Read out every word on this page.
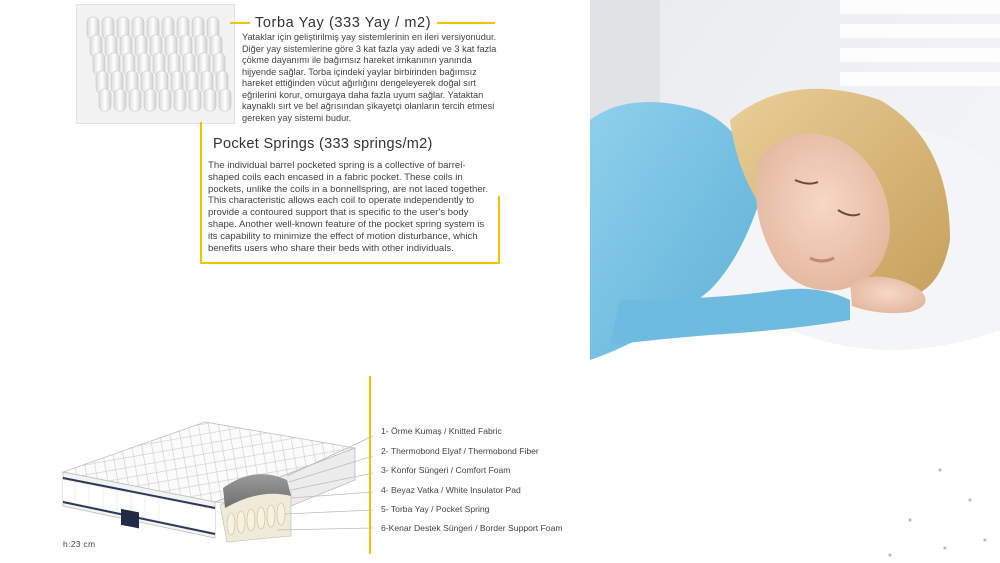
Torba Yay (333 Yay / m2)
Yataklar için geliştirilmiş yay sistemlerinin en ileri versiyonudur. Diğer yay sistemlerine göre 3 kat fazla yay adedi ve 3 kat fazla çökme dayanımı ile bağımsız hareket imkanının yanında hijyende sağlar. Torba içindeki yaylar birbirinden bağımsız hareket ettiğinden vücut ağırlığını dengeleyerek doğal sırt eğrilerini korur, omurgaya daha fazla uyum sağlar. Yataktan kaynaklı sırt ve bel ağrısından şikayetçi olanların tercih etmesi gereken yay sistemi budur.
Pocket Springs (333 springs/m2)
The individual barrel pocketed spring is a collective of barrel-shaped coils each encased in a fabric pocket. These coils in pockets, unlike the coils in a bonnellspring, are not laced together. This characteristic allows each coil to operate independently to provide a contoured support that is specific to the user's body shape. Another well-known feature of the pocket spring system is its capability to minimize the effect of motion disturbance, which benefits users who share their beds with other individuals.
1- Örme Kumaş / Knitted Fabric
2- Thermobond Elyaf / Thermobond Fiber
3- Konfor Süngeri / Comfort Foam
4- Beyaz Vatka / White Insulator Pad
5- Torba Yay / Pocket Spring
6-Kenar Destek Süngeri / Border Support Foam
h:23 cm
